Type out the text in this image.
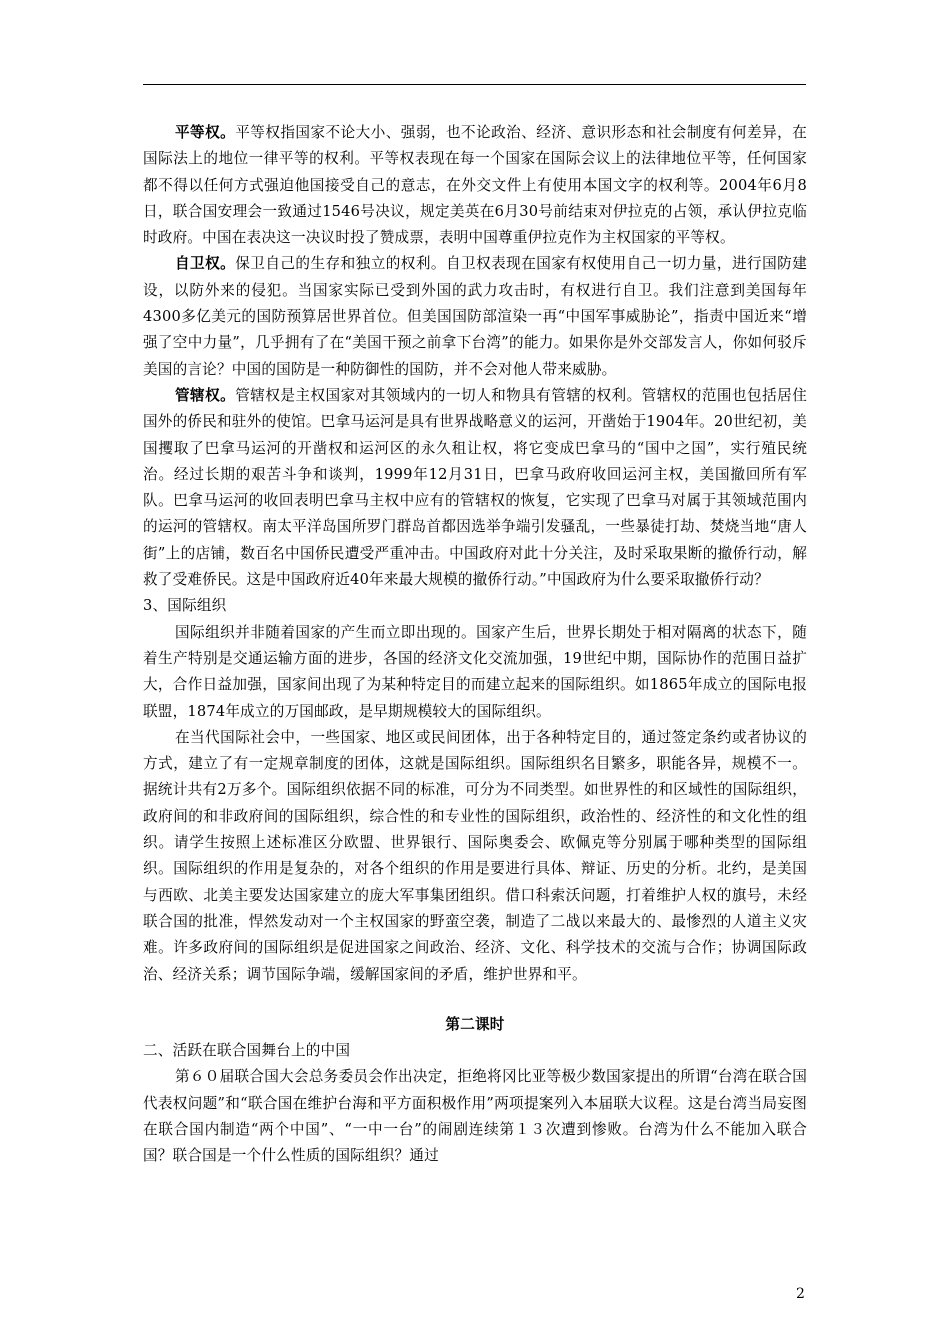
平等权。平等权指国家不论大小、强弱，也不论政治、经济、意识形态和社会制度有何差异，在国际法上的地位一律平等的权利。平等权表现在每一个国家在国际会议上的法律地位平等，任何国家都不得以任何方式强迫他国接受自己的意志，在外交文件上有使用本国文字的权利等。2004年6月8日，联合国安理会一致通过1546号决议，规定美英在6月30号前结束对伊拉克的占领，承认伊拉克临时政府。中国在表决这一决议时投了赞成票，表明中国尊重伊拉克作为主权国家的平等权。

自卫权。保卫自己的生存和独立的权利。自卫权表现在国家有权使用自己一切力量，进行国防建设，以防外来的侵犯。当国家实际已受到外国的武力攻击时，有权进行自卫。我们注意到美国每年4300多亿美元的国防预算居世界首位。但美国国防部渲染一再“中国军事威胁论”，指责中国近来“增强了空中力量”，几乎拥有了在“美国干预之前拿下台湾”的能力。如果你是外交部发言人，你如何驳斥美国的言论？中国的国防是一种防御性的国防，并不会对他人带来威胁。

管辖权。管辖权是主权国家对其领域内的一切人和物具有管辖的权利。管辖权的范围也包括居住国外的侨民和驻外的使馆。巴拿马运河是具有世界战略意义的运河，开凿始于1904年。20世纪初，美国攫取了巴拿马运河的开凿权和运河区的永久租让权，将它变成巴拿马的“国中之国”，实行殖民统治。经过长期的艰苦斗争和谈判，1999年12月31日，巴拿马政府收回运河主权，美国撤回所有军队。巴拿马运河的收回表明巴拿马主权中应有的管辖权的恢复，它实现了巴拿马对属于其领域范围内的运河的管辖权。南太平洋岛国所罗门群岛首都因选举争端引发骚乱，一些暴徒打劫、焚烧当地“唐人街”上的店铺，数百名中国侨民遭受严重冲击。中国政府对此十分关注，及时采取果断的撤侨行动，解救了受难侨民。这是中国政府近40年来最大规模的撤侨行动。”中国政府为什么要采取撤侨行动？

3、国际组织

国际组织并非随着国家的产生而立即出现的。国家产生后，世界长期处于相对隔离的状态下，随着生产特别是交通运输方面的进步，各国的经济文化交流加强，19世纪中期，国际协作的范围日益扩大，合作日益加强，国家间出现了为某种特定目的而建立起来的国际组织。如1865年成立的国际电报联盟，1874年成立的万国邮政，是早期规模较大的国际组织。

在当代国际社会中，一些国家、地区或民间团体，出于各种特定目的，通过签定条约或者协议的方式，建立了有一定规章制度的团体，这就是国际组织。国际组织名目繁多，职能各异，规模不一。据统计共有2万多个。国际组织依据不同的标准，可分为不同类型。如世界性的和区域性的国际组织，政府间的和非政府间的国际组织，综合性的和专业性的国际组织，政治性的、经济性的和文化性的组织。请学生按照上述标准区分欧盟、世界银行、国际奥委会、欧佩克等分别属于哪种类型的国际组织。国际组织的作用是复杂的，对各个组织的作用是要进行具体、辩证、历史的分析。北约，是美国与西欧、北美主要发达国家建立的庞大军事集团组织。借口科索沃问题，打着维护人权的旗号，未经联合国的批准，悍然发动对一个主权国家的野蛮空袭，制造了二战以来最大的、最惨烈的人道主义灾难。许多政府间的国际组织是促进国家之间政治、经济、文化、科学技术的交流与合作；协调国际政治、经济关系；调节国际争端，缓解国家间的矛盾，维护世界和平。

第二课时

二、活跃在联合国舞台上的中国

第６０届联合国大会总务委员会作出决定，拒绝将冈比亚等极少数国家提出的所谓“台湾在联合国代表权问题”和“联合国在维护台海和平方面积极作用”两项提案列入本届联大议程。这是台湾当局妄图在联合国内制造“两个中国”、“一中一台”的闹剧连续第１３次遭到惨败。台湾为什么不能加入联合国？联合国是一个什么性质的国际组织？通过

2
